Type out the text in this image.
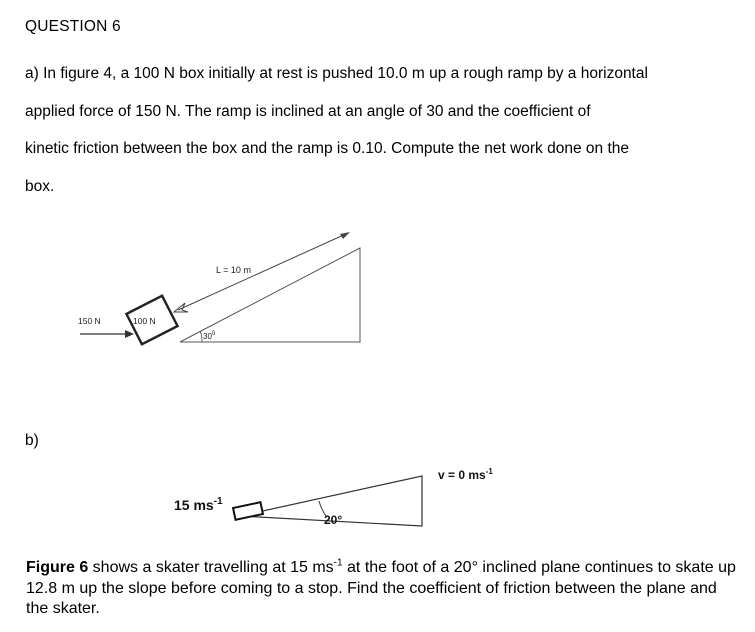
QUESTION 6

a) In figure 4, a 100 N box initially at rest is pushed 10.0 m up a rough ramp by a horizontal
applied force of 150 N. The ramp is inclined at an angle of 30 and the coefficient of
kinetic friction between the box and the ramp is 0.10. Compute the net work done on the
box.

L = 10 m
100 N
150 N
$30^0$
b)
15 $ms^{-1}$
20°
v = 0 $ms^{-1}$

Figure 6 shows a skater travelling at 15 $ms^{-1}$ at the foot of a 20° inclined plane continues to skate up 12.8 m up the slope before coming to a stop. Find the coefficient of friction between the plane and the skater.
